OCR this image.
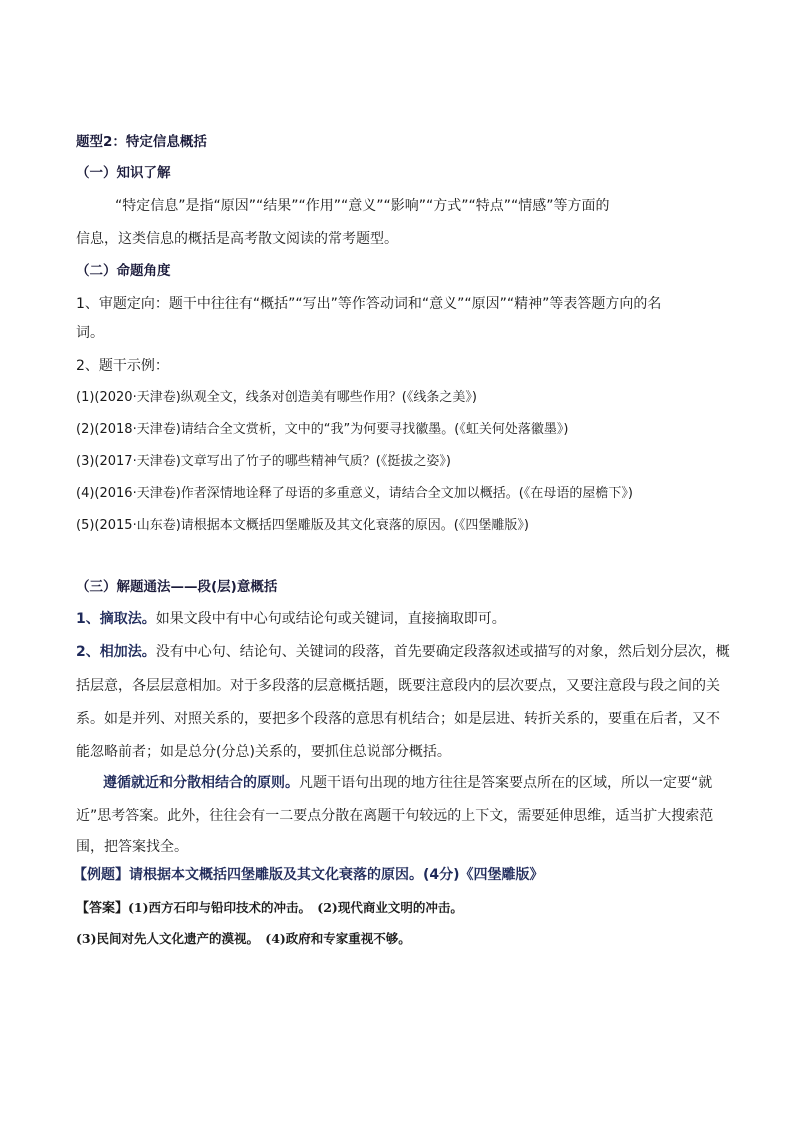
题型2：特定信息概括
（一）知识了解
“特定信息”是指“原因”“结果”“作用”“意义”“影响”“方式”“特点”“情感”等方面的
信息，这类信息的概括是高考散文阅读的常考题型。
（二）命题角度
1、审题定向：题干中往往有“概括”“写出”等作答动词和“意义”“原因”“精神”等表答题方向的名
词。
2、题干示例：
(1)(2020·天津卷)纵观全文，线条对创造美有哪些作用？(《线条之美》)
(2)(2018·天津卷)请结合全文赏析，文中的“我”为何要寻找徽墨。(《虹关何处落徽墨》)
(3)(2017·天津卷)文章写出了竹子的哪些精神气质？(《挺拔之姿》)
(4)(2016·天津卷)作者深情地诠释了母语的多重意义，请结合全文加以概括。(《在母语的屋檐下》)
(5)(2015·山东卷)请根据本文概括四堡雕版及其文化衰落的原因。(《四堡雕版》)
（三）解题通法——段(层)意概括
1、摘取法。如果文段中有中心句或结论句或关键词，直接摘取即可。
2、相加法。没有中心句、结论句、关键词的段落，首先要确定段落叙述或描写的对象，然后划分层次，概
括层意，各层层意相加。对于多段落的层意概括题，既要注意段内的层次要点，又要注意段与段之间的关
系。如是并列、对照关系的，要把多个段落的意思有机结合；如是层进、转折关系的，要重在后者，又不
能忽略前者；如是总分(分总)关系的，要抓住总说部分概括。
遵循就近和分散相结合的原则。凡题干语句出现的地方往往是答案要点所在的区域，所以一定要“就
近”思考答案。此外，往往会有一二要点分散在离题干句较远的上下文，需要延伸思维，适当扩大搜索范
围，把答案找全。
【例题】请根据本文概括四堡雕版及其文化衰落的原因。(4分)《四堡雕版》
【答案】(1)西方石印与铅印技术的冲击。　(2)现代商业文明的冲击。
(3)民间对先人文化遗产的漠视。　(4)政府和专家重视不够。
